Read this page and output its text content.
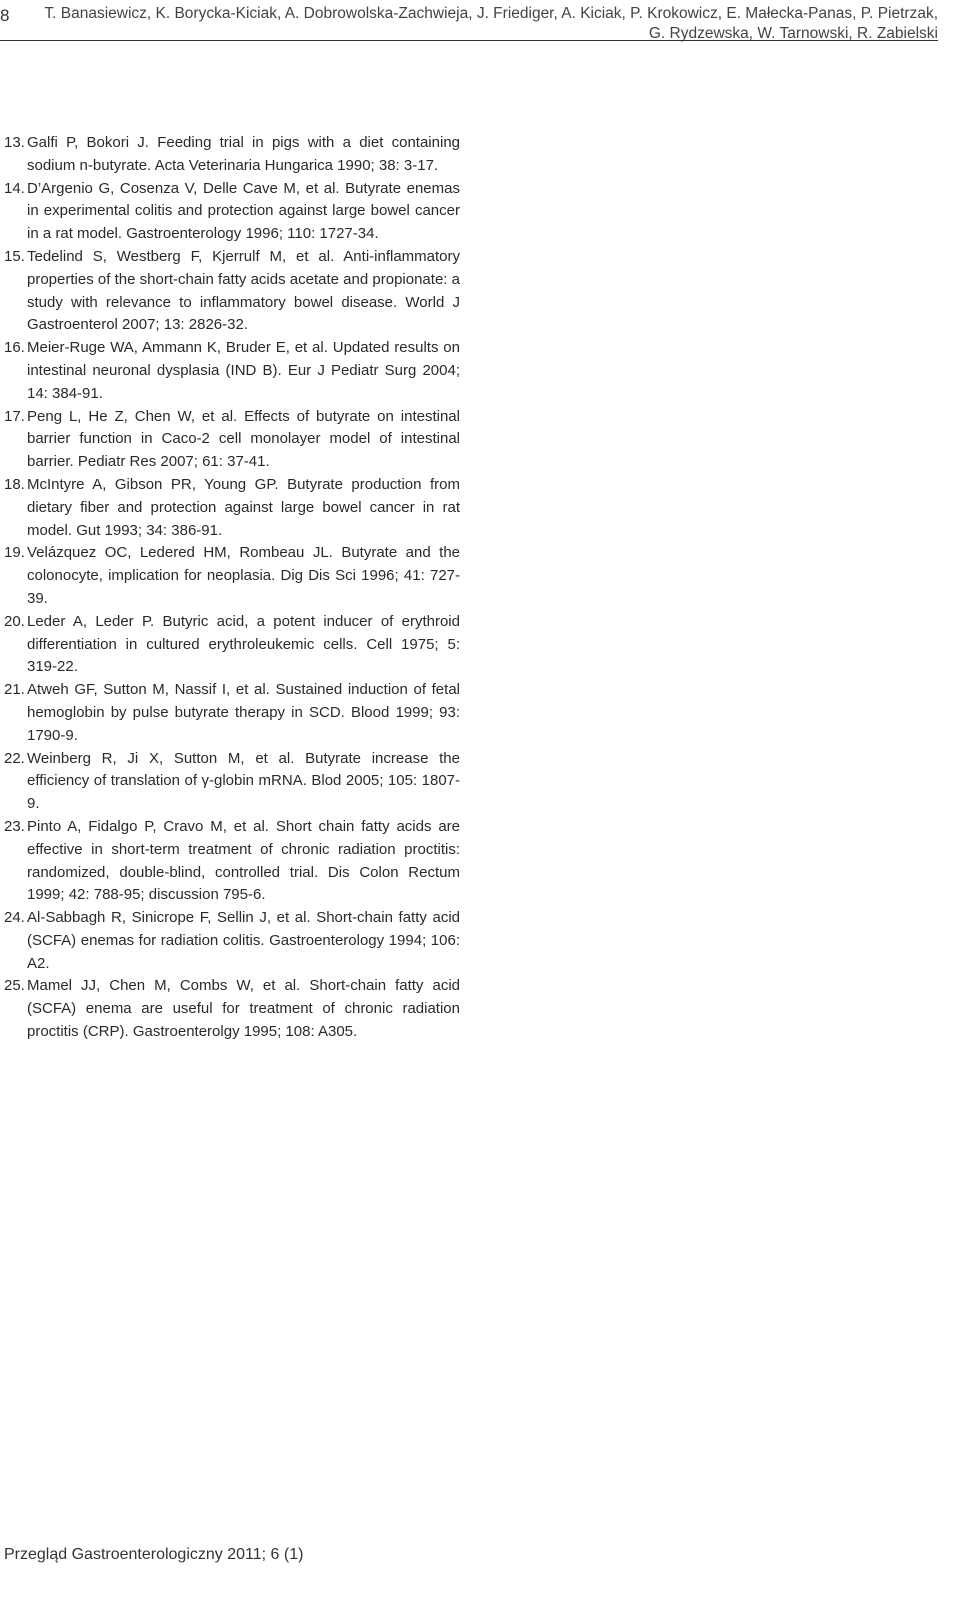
8	T. Banasiewicz, K. Borycka-Kiciak, A. Dobrowolska-Zachwieja, J. Friediger, A. Kiciak, P. Krokowicz, E. Małecka-Panas, P. Pietrzak, G. Rydzewska, W. Tarnowski, R. Zabielski
13. Galfi P, Bokori J. Feeding trial in pigs with a diet containing sodium n-butyrate. Acta Veterinaria Hungarica 1990; 38: 3-17.
14. D’Argenio G, Cosenza V, Delle Cave M, et al. Butyrate enemas in experimental colitis and protection against large bowel cancer in a rat model. Gastroenterology 1996; 110: 1727-34.
15. Tedelind S, Westberg F, Kjerrulf M, et al. Anti-inflammatory properties of the short-chain fatty acids acetate and propionate: a study with relevance to inflammatory bowel disease. World J Gastroenterol 2007; 13: 2826-32.
16. Meier-Ruge WA, Ammann K, Bruder E, et al. Updated results on intestinal neuronal dysplasia (IND B). Eur J Pediatr Surg 2004; 14: 384-91.
17. Peng L, He Z, Chen W, et al. Effects of butyrate on intestinal barrier function in Caco-2 cell monolayer model of intestinal barrier. Pediatr Res 2007; 61: 37-41.
18. McIntyre A, Gibson PR, Young GP. Butyrate production from dietary fiber and protection against large bowel cancer in rat model. Gut 1993; 34: 386-91.
19. Velázquez OC, Ledered HM, Rombeau JL. Butyrate and the colonocyte, implication for neoplasia. Dig Dis Sci 1996; 41: 727-39.
20. Leder A, Leder P. Butyric acid, a potent inducer of erythroid differentiation in cultured erythroleukemic cells. Cell 1975; 5: 319-22.
21. Atweh GF, Sutton M, Nassif I, et al. Sustained induction of fetal hemoglobin by pulse butyrate therapy in SCD. Blood 1999; 93: 1790-9.
22. Weinberg R, Ji X, Sutton M, et al. Butyrate increase the efficiency of translation of γ-globin mRNA. Blod 2005; 105: 1807-9.
23. Pinto A, Fidalgo P, Cravo M, et al. Short chain fatty acids are effective in short-term treatment of chronic radiation proctitis: randomized, double-blind, controlled trial. Dis Colon Rectum 1999; 42: 788-95; discussion 795-6.
24. Al-Sabbagh R, Sinicrope F, Sellin J, et al. Short-chain fatty acid (SCFA) enemas for radiation colitis. Gastroenterology 1994; 106: A2.
25. Mamel JJ, Chen M, Combs W, et al. Short-chain fatty acid (SCFA) enema are useful for treatment of chronic radiation proctitis (CRP). Gastroenterolgy 1995; 108: A305.
Przegląd Gastroenterologiczny 2011; 6 (1)
